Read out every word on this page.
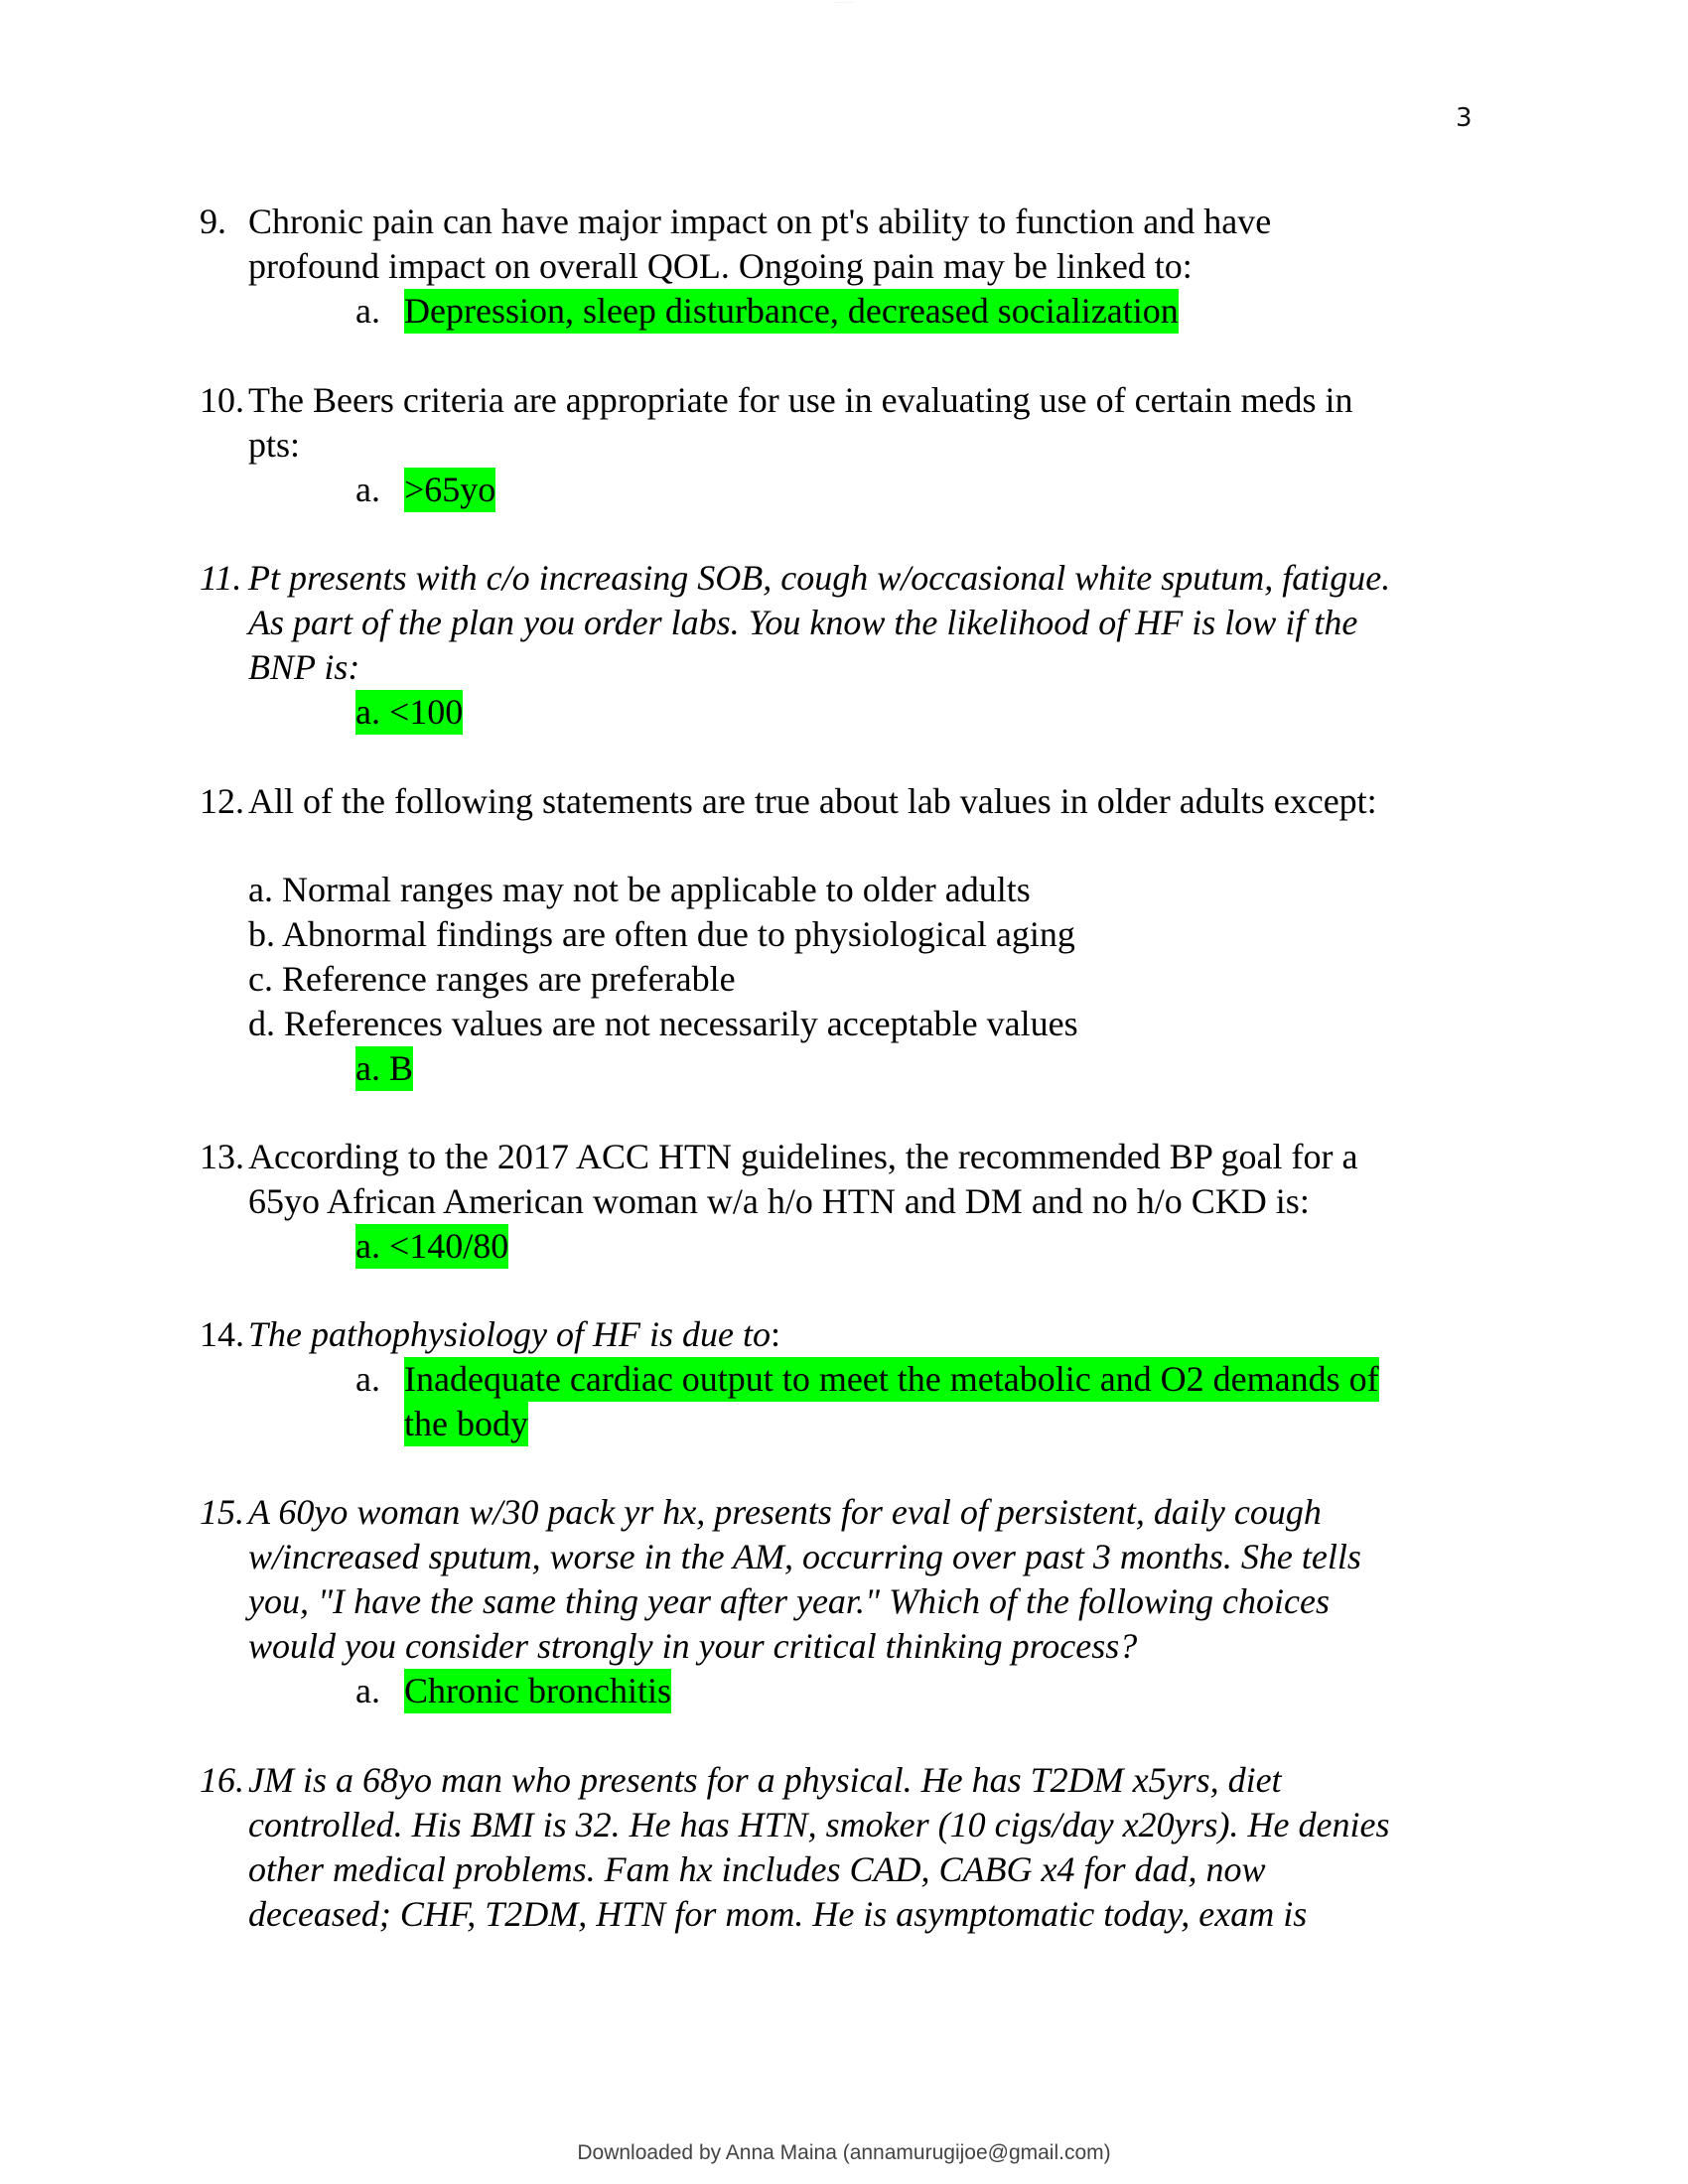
........................
3
9. Chronic pain can have major impact on pt's ability to function and have
profound impact on overall QOL. Ongoing pain may be linked to:
a. Depression, sleep disturbance, decreased socialization
10. The Beers criteria are appropriate for use in evaluating use of certain meds in
pts:
a. >65yo
11. Pt presents with c/o increasing SOB, cough w/occasional white sputum, fatigue.
As part of the plan you order labs. You know the likelihood of HF is low if the
BNP is:
a. <100
12. All of the following statements are true about lab values in older adults except:
a. Normal ranges may not be applicable to older adults
b. Abnormal findings are often due to physiological aging
c. Reference ranges are preferable
d. References values are not necessarily acceptable values
a. B
13. According to the 2017 ACC HTN guidelines, the recommended BP goal for a
65yo African American woman w/a h/o HTN and DM and no h/o CKD is:
a. <140/80
14. The pathophysiology of HF is due to:
a. Inadequate cardiac output to meet the metabolic and O2 demands of
the body
15. A 60yo woman w/30 pack yr hx, presents for eval of persistent, daily cough
w/increased sputum, worse in the AM, occurring over past 3 months. She tells
you, "I have the same thing year after year." Which of the following choices
would you consider strongly in your critical thinking process?
a. Chronic bronchitis
16. JM is a 68yo man who presents for a physical. He has T2DM x5yrs, diet
controlled. His BMI is 32. He has HTN, smoker (10 cigs/day x20yrs). He denies
other medical problems. Fam hx includes CAD, CABG x4 for dad, now
deceased; CHF, T2DM, HTN for mom. He is asymptomatic today, exam is
Downloaded by Anna Maina (annamurugijoe@gmail.com)
